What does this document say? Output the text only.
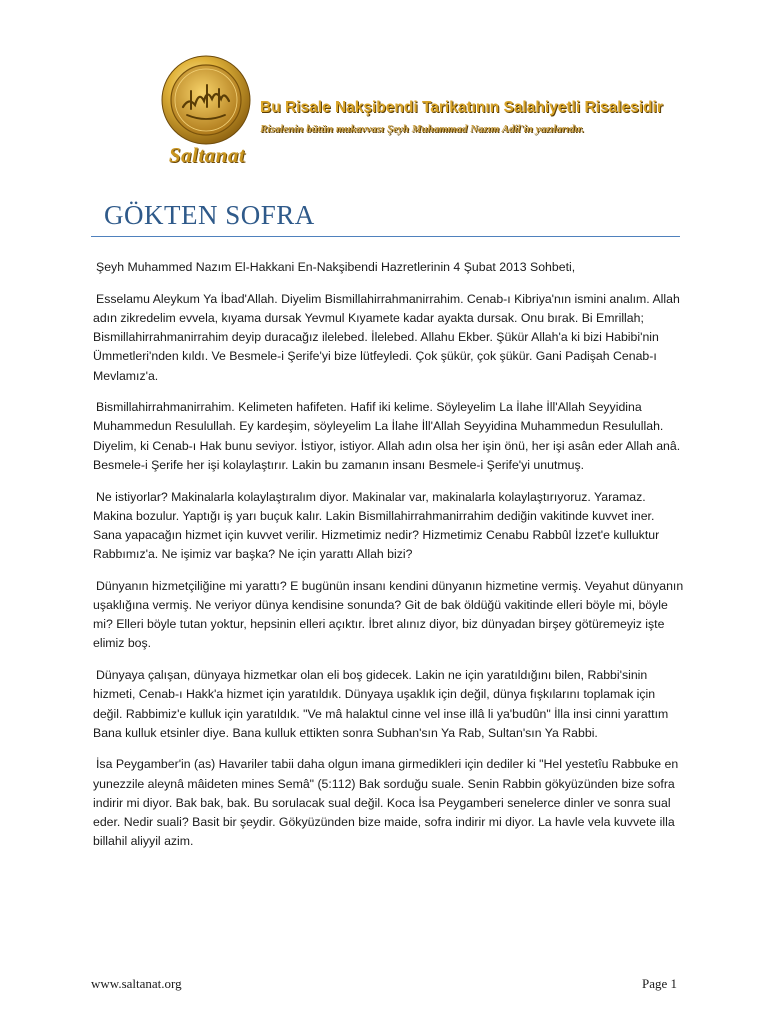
Saltanat
Bu Risale Nakşibendi Tarikatının Salahiyetli Risalesidir
Risalenin bütün mukavvası Şeyh Muhammad Nazım Adil'in yazılarıdır.
GÖKTEN SOFRA

Şeyh Muhammed Nazım El-Hakkani En-Nakşibendi Hazretlerinin 4 Şubat 2013 Sohbeti,

Esselamu Aleykum Ya İbad'Allah. Diyelim Bismillahirrahmanirrahim. Cenab-ı Kibriya'nın ismini analım. Allah adın zikredelim evvela, kıyama dursak Yevmul Kıyamete kadar ayakta dursak. Onu bırak. Bi Emrillah; Bismillahirrahmanirrahim deyip duracağız ilelebed. İlelebed. Allahu Ekber. Şükür Allah'a ki bizi Habibi'nin Ümmetleri'nden kıldı. Ve Besmele-i Şerife'yi bize lütfeyledi. Çok şükür, çok şükür. Gani Padişah Cenab-ı Mevlamız'a.

Bismillahirrahmanirrahim. Kelimeten hafifeten. Hafif iki kelime. Söyleyelim La İlahe İll'Allah Seyyidina Muhammedun Resulullah. Ey kardeşim, söyleyelim La İlahe İll'Allah Seyyidina Muhammedun Resulullah. Diyelim, ki Cenab-ı Hak bunu seviyor. İstiyor, istiyor. Allah adın olsa her işin önü, her işi asân eder Allah anâ. Besmele-i Şerife her işi kolaylaştırır. Lakin bu zamanın insanı Besmele-i Şerife'yi unutmuş.

Ne istiyorlar? Makinalarla kolaylaştıralım diyor. Makinalar var, makinalarla kolaylaştırıyoruz. Yaramaz. Makina bozulur. Yaptığı iş yarı buçuk kalır. Lakin Bismillahirrahmanirrahim dediğin vakitinde kuvvet iner. Sana yapacağın hizmet için kuvvet verilir. Hizmetimiz nedir? Hizmetimiz Cenabu Rabbûl İzzet'e kulluktur Rabbımız'a. Ne işimiz var başka? Ne için yarattı Allah bizi?

Dünyanın hizmetçiliğine mi yarattı? E bugünün insanı kendini dünyanın hizmetine vermiş. Veyahut dünyanın uşaklığına vermiş. Ne veriyor dünya kendisine sonunda? Git de bak öldüğü vakitinde elleri böyle mi, böyle mi? Elleri böyle tutan yoktur, hepsinin elleri açıktır. İbret alınız diyor, biz dünyadan birşey götüremeyiz işte elimiz boş.

Dünyaya çalışan, dünyaya hizmetkar olan eli boş gidecek. Lakin ne için yaratıldığını bilen, Rabbi'sinin hizmeti, Cenab-ı Hakk'a hizmet için yaratıldık. Dünyaya uşaklık için değil, dünya fışkılarını toplamak için değil. Rabbimiz'e kulluk için yaratıldık. "Ve mâ halaktul cinne vel inse illâ li ya'budûn" İlla insi cinni yarattım Bana kulluk etsinler diye. Bana kulluk ettikten sonra Subhan'sın Ya Rab, Sultan'sın Ya Rabbi.

İsa Peygamber'in (as) Havariler tabii daha olgun imana girmedikleri için dediler ki "Hel yestetîu Rabbuke en yunezzile aleynâ mâideten mines Semâ" (5:112) Bak sorduğu suale. Senin Rabbin gökyüzünden bize sofra indirir mi diyor. Bak bak, bak. Bu sorulacak sual değil. Koca İsa Peygamberi senelerce dinler ve sonra sual eder. Nedir suali? Basit bir şeydir. Gökyüzünden bize maide, sofra indirir mi diyor. La havle vela kuvvete illa billahil aliyyil azim.

www.saltanat.org	Page 1
